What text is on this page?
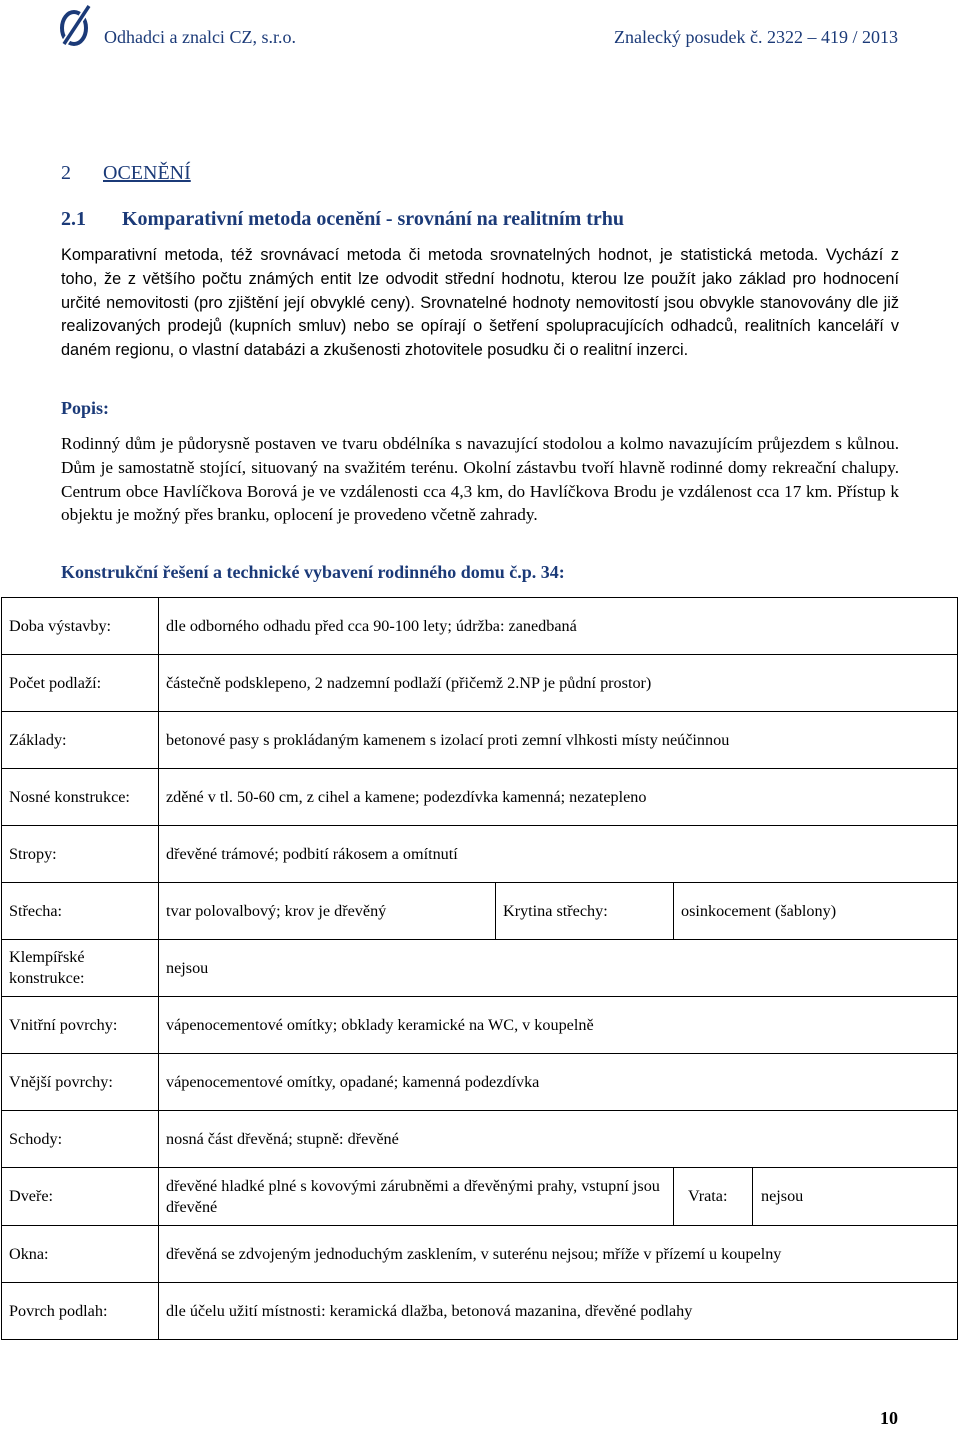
Odhadci a znalci CZ, s.r.o.	Znalecký posudek č. 2322 – 419 / 2013
2 OCENĚNÍ
2.1 Komparativní metoda ocenění - srovnání na realitním trhu

Komparativní metoda, též srovnávací metoda či metoda srovnatelných hodnot, je statistická metoda. Vychází z toho, že z většího počtu známých entit lze odvodit střední hodnotu, kterou lze použít jako základ pro hodnocení určité nemovitosti (pro zjištění její obvyklé ceny). Srovnatelné hodnoty nemovitostí jsou obvykle stanovovány dle již realizovaných prodejů (kupních smluv) nebo se opírají o šetření spolupracujících odhadců, realitních kanceláří v daném regionu, o vlastní databázi a zkušenosti zhotovitele posudku či o realitní inzerci.

Popis:

Rodinný dům je půdorysně postaven ve tvaru obdélníka s navazující stodolou a kolmo navazujícím průjezdem s kůlnou. Dům je samostatně stojící, situovaný na svažitém terénu. Okolní zástavbu tvoří hlavně rodinné domy rekreační chalupy. Centrum obce Havlíčkova Borová je ve vzdálenosti cca 4,3 km, do Havlíčkova Brodu je vzdálenost cca 17 km. Přístup k objektu je možný přes branku, oplocení je provedeno včetně zahrady.

Konstrukční řešení a technické vybavení rodinného domu č.p. 34:
Doba výstavby:	dle odborného odhadu před cca 90-100 lety; údržba: zanedbaná		
Počet podlaží:	částečně podsklepeno, 2 nadzemní podlaží (přičemž 2.NP je půdní prostor)		
Základy:	betonové pasy s prokládaným kamenem s izolací proti zemní vlhkosti místy neúčinnou		
Nosné konstrukce:	zděné v tl. 50-60 cm, z cihel a kamene; podezdívka kamenná; nezatepleno		
Stropy:	dřevěné trámové; podbití rákosem a omítnutí		
Střecha:	tvar polovalbový; krov je dřevěný	Krytina střechy:	osinkocement (šablony)
Klempířské konstrukce:	nejsou		
Vnitřní povrchy:	vápenocementové omítky; obklady keramické na WC, v koupelně		
Vnější povrchy:	vápenocementové omítky, opadané; kamenná podezdívka		
Schody:	nosná část dřevěná; stupně: dřevěné		
Dveře:	dřevěné hladké plné s kovovými zárubněmi a dřevěnými prahy, vstupní jsou dřevěné		Vrata: nejsou

Okna:	dřevěná se zdvojeným jednoduchým zasklením, v suterénu nejsou; mříže v přízemí u koupelny		
Povrch podlah:	dle účelu užití místnosti: keramická dlažba, betonová mazanina, dřevěné podlahy		
10
